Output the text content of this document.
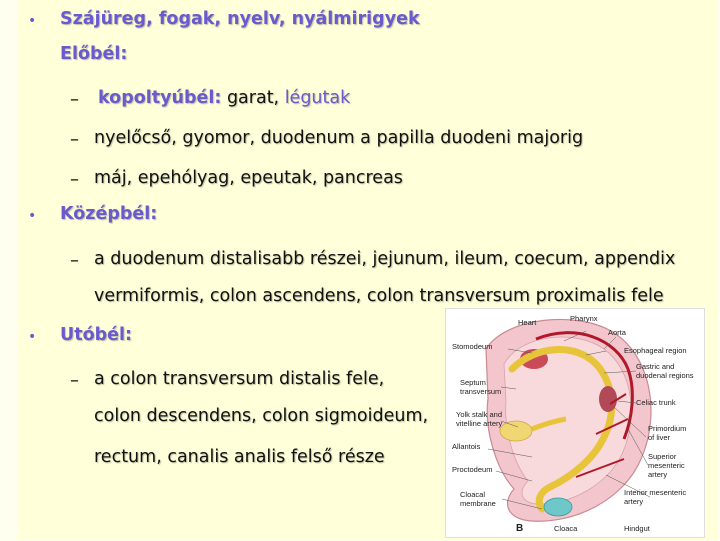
• Szájüreg, fogak, nyelv, nyálmirigyek
Előbél:
– kopoltyúbél: garat, légutak
– nyelőcső, gyomor, duodenum a papilla duodeni majorig
– máj, epehólyag, epeutak, pancreas
• Középbél:
– a duodenum distalisabb részei, jejunum, ileum, coecum, appendix
vermiformis, colon ascendens, colon transversum proximalis fele
• Utóbél:
– a colon transversum distalis fele,
colon descendens, colon sigmoideum,
rectum, canalis analis felső része
Heart	Pharynx
Aorta
Stomodeum	Esophageal region
Gastric and
duodenal regions
Septum
transversum
Celiac trunk
Yolk stalk and
vitelline artery
Primordium
of liver
Allantois
Superior
mesenteric
artery
Proctodeum
Interior mesenteric
artery
Cloacal
membrane
B	Cloaca	Hindgut
